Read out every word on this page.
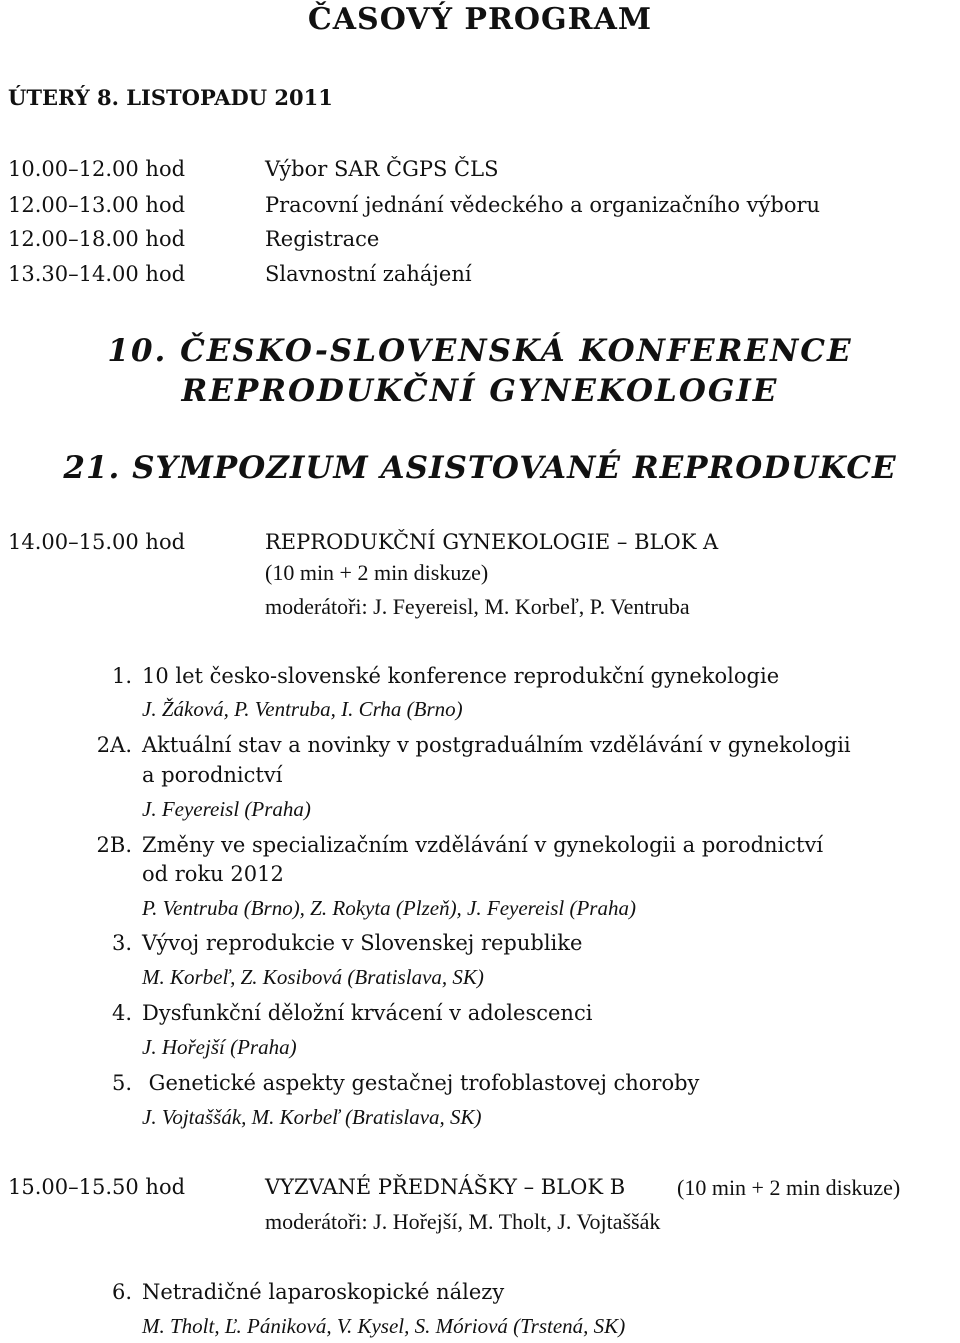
ČASOVÝ PROGRAM
ÚTERÝ 8. LISTOPADU 2011
10.00–12.00 hod	Výbor SAR ČGPS ČLS
12.00–13.00 hod	Pracovní jednání vědeckého a organizačního výboru
12.00–18.00 hod	Registrace
13.30–14.00 hod	Slavnostní zahájení
10. ČESKO-SLOVENSKÁ KONFERENCE
REPRODUKČNÍ GYNEKOLOGIE
21. SYMPOZIUM ASISTOVANÉ REPRODUKCE
14.00–15.00 hod	REPRODUKČNÍ GYNEKOLOGIE – BLOK A
(10 min + 2 min diskuze)
moderátoři: J. Feyereisl, M. Korbeľ, P. Ventruba
1. 10 let česko-slovenské konference reprodukční gynekologie
J. Žáková, P. Ventruba, I. Crha (Brno)
2A. Aktuální stav a novinky v postgraduálním vzdělávání v gynekologii
a porodnictví
J. Feyereisl (Praha)
2B. Změny ve specializačním vzdělávání v gynekologii a porodnictví
od roku 2012
P. Ventruba (Brno), Z. Rokyta (Plzeň), J. Feyereisl (Praha)
3. Vývoj reprodukcie v Slovenskej republike
M. Korbeľ, Z. Kosibová (Bratislava, SK)
4. Dysfunkční děložní krvácení v adolescenci
J. Hořejší (Praha)
5. Genetické aspekty gestačnej trofoblastovej choroby
J. Vojtaššák, M. Korbeľ (Bratislava, SK)
15.00–15.50 hod	VYZVANÉ PŘEDNÁŠKY – BLOK B (10 min + 2 min diskuze)
moderátoři: J. Hořejší, M. Tholt, J. Vojtaššák
6. Netradičné laparoskopické nálezy
M. Tholt, Ľ. Pániková, V. Kysel, S. Móriová (Trstená, SK)
